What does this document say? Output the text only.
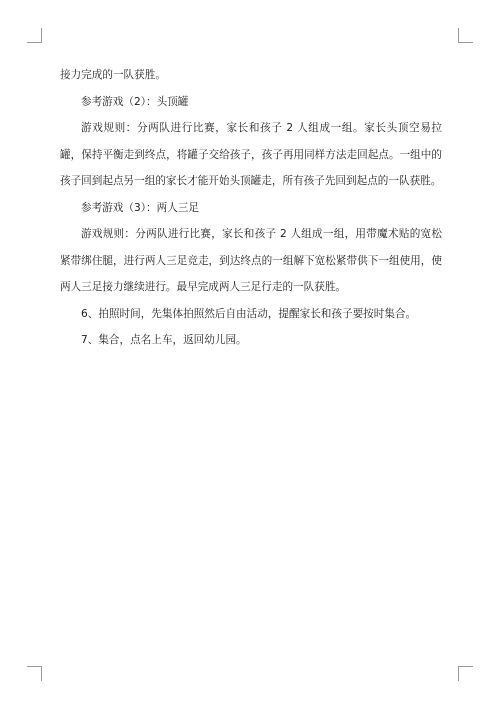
接力完成的一队获胜。

参考游戏（2）：头顶罐

游戏规则：分两队进行比赛，家长和孩子 2 人组成一组。家长头顶空易拉罐，保持平衡走到终点，将罐子交给孩子，孩子再用同样方法走回起点。一组中的孩子回到起点另一组的家长才能开始头顶罐走，所有孩子先回到起点的一队获胜。

参考游戏（3）：两人三足

游戏规则：分两队进行比赛，家长和孩子 2 人组成一组，用带魔术贴的宽松紧带绑住腿，进行两人三足竞走，到达终点的一组解下宽松紧带供下一组使用，使两人三足接力继续进行。最早完成两人三足行走的一队获胜。

6、拍照时间，先集体拍照然后自由活动，提醒家长和孩子要按时集合。

7、集合，点名上车，返回幼儿园。
